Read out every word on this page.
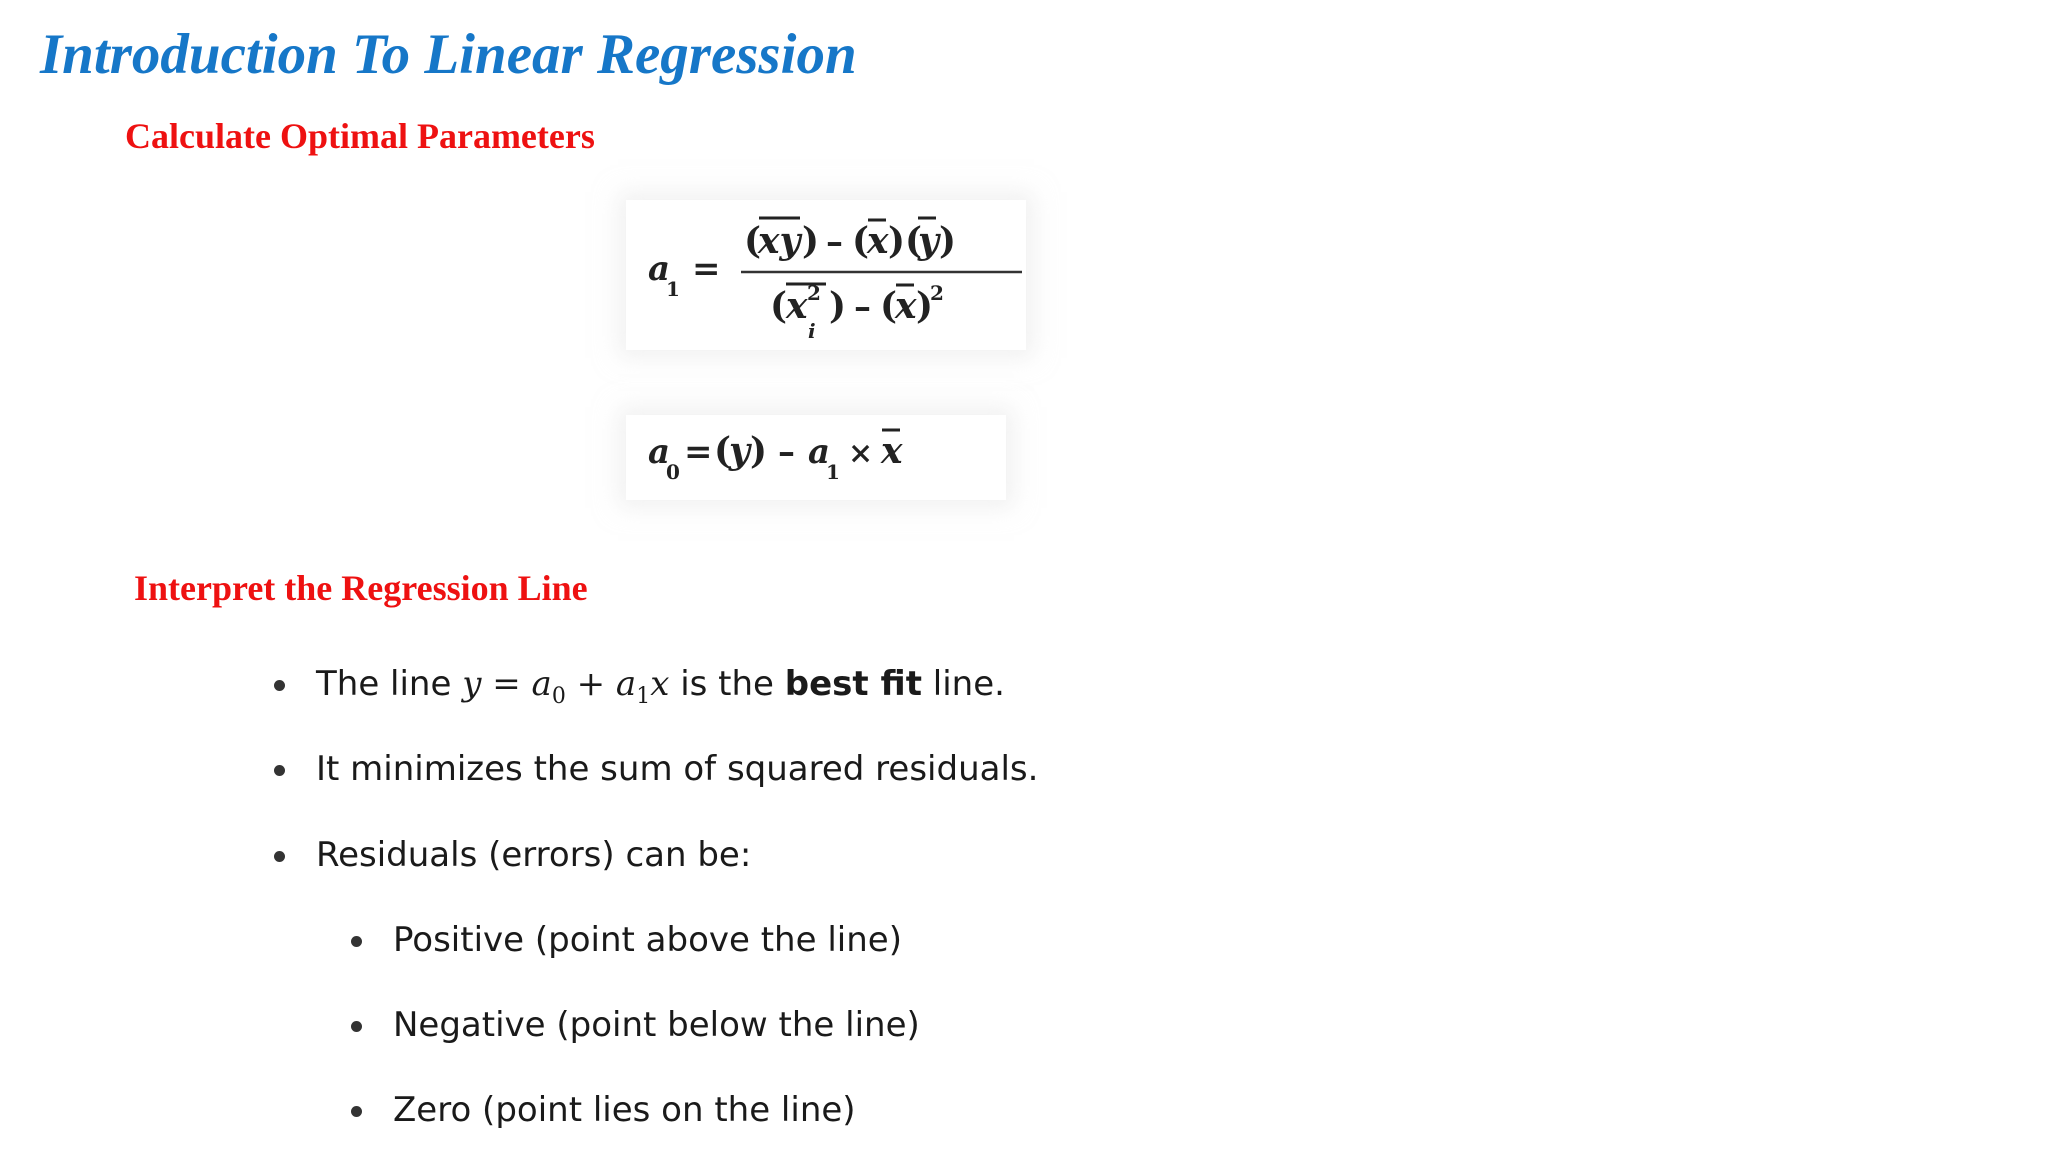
Introduction To Linear Regression
Calculate Optimal Parameters
a
1 =
(
xy ) – (
x )(
y )
(
x 2
i
) – (
x )
2
a
0 = (
y ) – a
1
× x
Interpret the Regression Line
The line $y = a_0 + a_1x$ is the best fit line.
It minimizes the sum of squared residuals.
Residuals (errors) can be:
Positive (point above the line)
Negative (point below the line)
Zero (point lies on the line)
